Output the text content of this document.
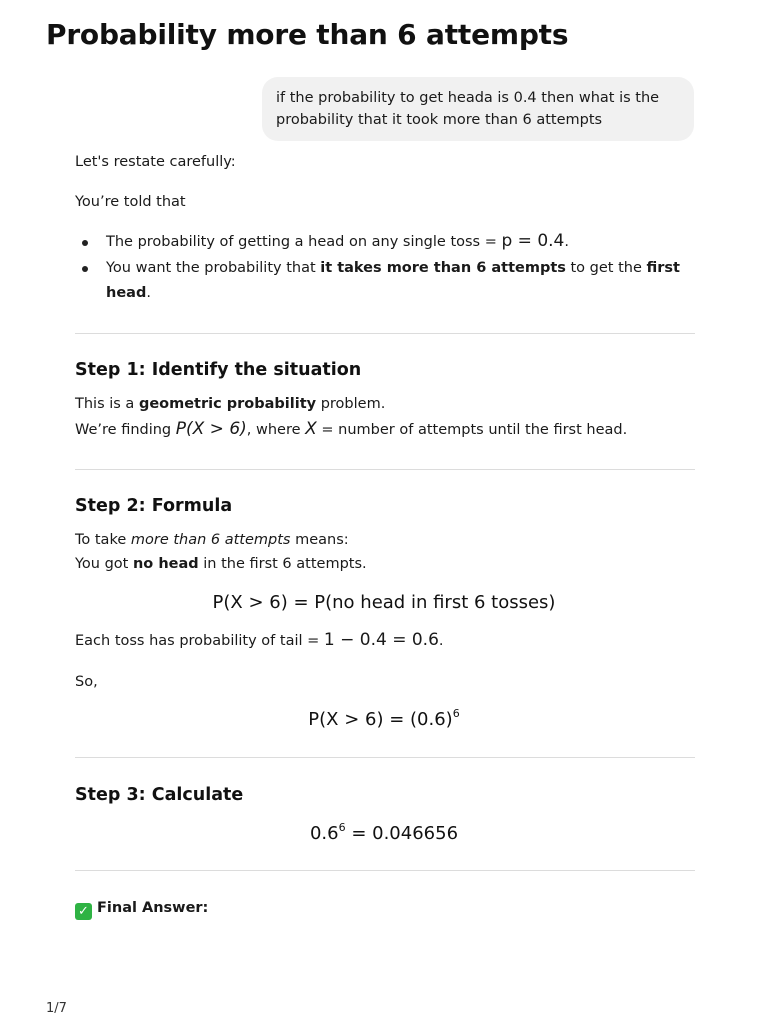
Probability more than 6 attempts
if the probability to get heada is 0.4 then what is the probability that it took more than 6 attempts

Let's restate carefully:

You’re told that

The probability of getting a head on any single toss = p = 0.4.

You want the probability that it takes more than 6 attempts to get the first

head.

Step 1: Identify the situation

This is a geometric probability problem.

We’re finding P(X > 6), where X = number of attempts until the first head.

Step 2: Formula

To take more than 6 attempts means:

You got no head in the first 6 attempts.

P(X > 6) = P(no head in first 6 tosses)

Each toss has probability of tail = 1 − 0.4 = 0.6.

So,

$P(X > 6) = (0.6)^6$
Step 3: Calculate
$0.6^6 = 0.046656$

✓ Final Answer:

1/7
